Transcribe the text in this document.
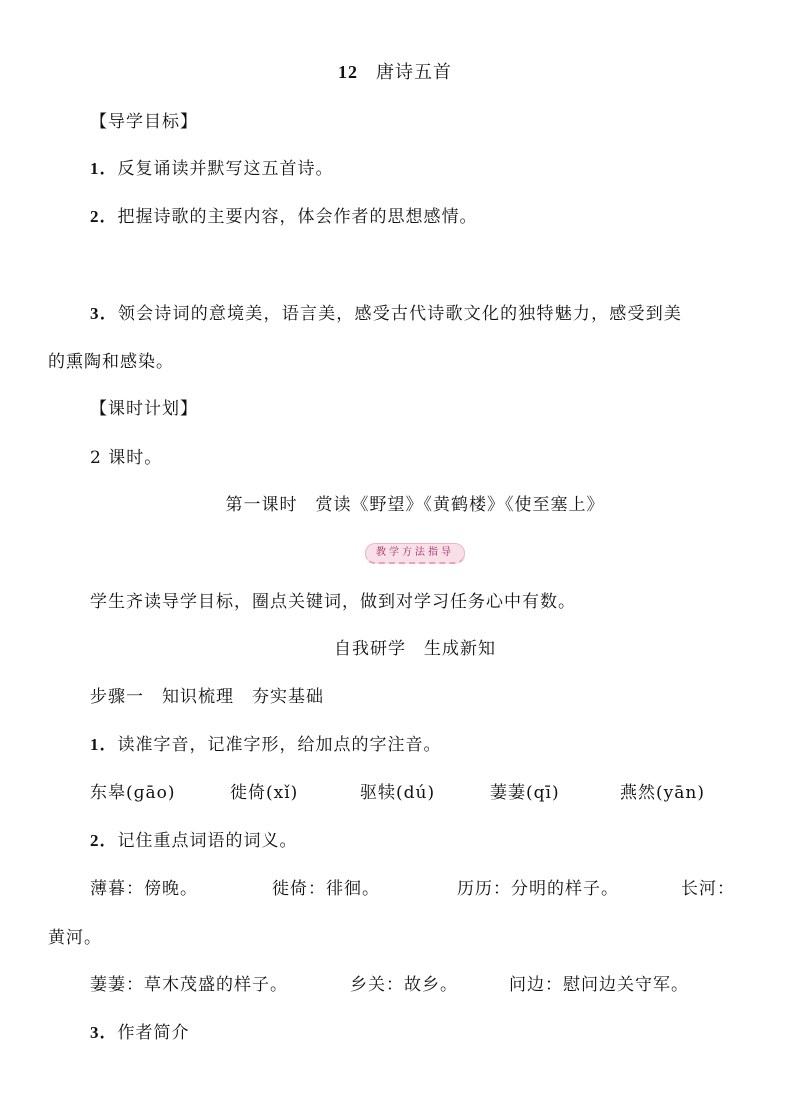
12 唐诗五首
【导学目标】
1．反复诵读并默写这五首诗。
2．把握诗歌的主要内容，体会作者的思想感情。
3．领会诗词的意境美，语言美，感受古代诗歌文化的独特魅力，感受到美
的熏陶和感染。
【课时计划】
2 课时。
第一课时　赏读《野望》《黄鹤楼》《使至塞上》
教学方法指导
学生齐读导学目标，圈点关键词，做到对学习任务心中有数。
自我研学　生成新知
步骤一　知识梳理　夯实基础
1．读准字音，记准字形，给加点的字注音。
东皋(ɡāo)	徙倚(xǐ)	驱犊(dú)	萋萋(qī)	燕然(yān)
2．记住重点词语的词义。
薄暮：傍晚。	徙倚：徘徊。	历历：分明的样子。	长河：
黄河。
萋萋：草木茂盛的样子。	乡关：故乡。	问边：慰问边关守军。
3．作者简介
